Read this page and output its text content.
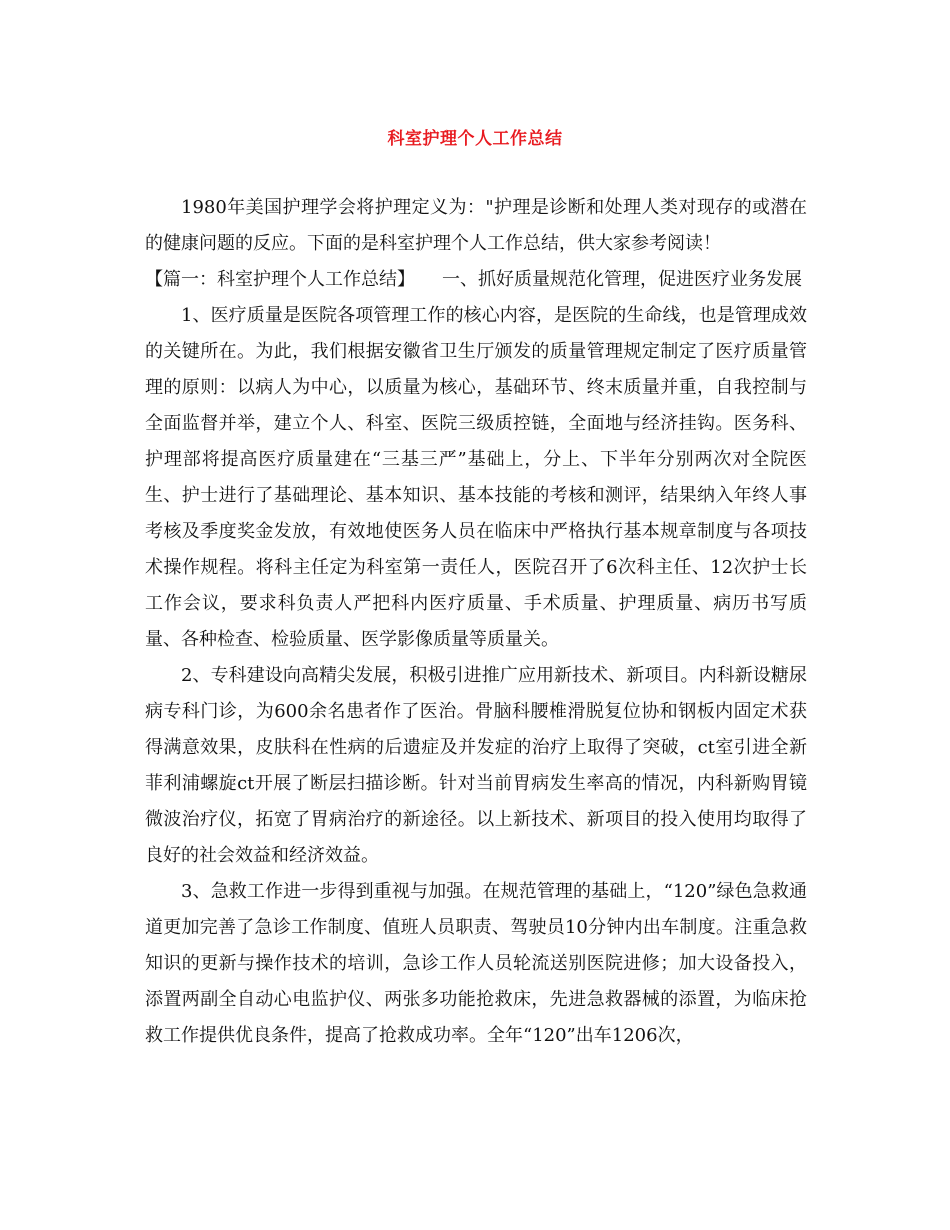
科室护理个人工作总结

1980年美国护理学会将护理定义为："护理是诊断和处理人类对现存的或潜在的健康问题的反应。下面的是科室护理个人工作总结，供大家参考阅读！

【篇一：科室护理个人工作总结】　　一、抓好质量规范化管理，促进医疗业务发展

1、医疗质量是医院各项管理工作的核心内容，是医院的生命线，也是管理成效的关键所在。为此，我们根据安徽省卫生厅颁发的质量管理规定制定了医疗质量管理的原则：以病人为中心，以质量为核心，基础环节、终末质量并重，自我控制与全面监督并举，建立个人、科室、医院三级质控链，全面地与经济挂钩。医务科、护理部将提高医疗质量建在“三基三严”基础上，分上、下半年分别两次对全院医生、护士进行了基础理论、基本知识、基本技能的考核和测评，结果纳入年终人事考核及季度奖金发放，有效地使医务人员在临床中严格执行基本规章制度与各项技术操作规程。将科主任定为科室第一责任人，医院召开了6次科主任、12次护士长工作会议，要求科负责人严把科内医疗质量、手术质量、护理质量、病历书写质量、各种检查、检验质量、医学影像质量等质量关。

2、专科建设向高精尖发展，积极引进推广应用新技术、新项目。内科新设糖尿病专科门诊，为600余名患者作了医治。骨脑科腰椎滑脱复位协和钢板内固定术获得满意效果，皮肤科在性病的后遗症及并发症的治疗上取得了突破，ct室引进全新菲利浦螺旋ct开展了断层扫描诊断。针对当前胃病发生率高的情况，内科新购胃镜微波治疗仪，拓宽了胃病治疗的新途径。以上新技术、新项目的投入使用均取得了良好的社会效益和经济效益。

3、急救工作进一步得到重视与加强。在规范管理的基础上，“120”绿色急救通道更加完善了急诊工作制度、值班人员职责、驾驶员10分钟内出车制度。注重急救知识的更新与操作技术的培训，急诊工作人员轮流送别医院进修；加大设备投入，添置两副全自动心电监护仪、两张多功能抢救床，先进急救器械的添置，为临床抢救工作提供优良条件，提高了抢救成功率。全年“120”出车1206次，
